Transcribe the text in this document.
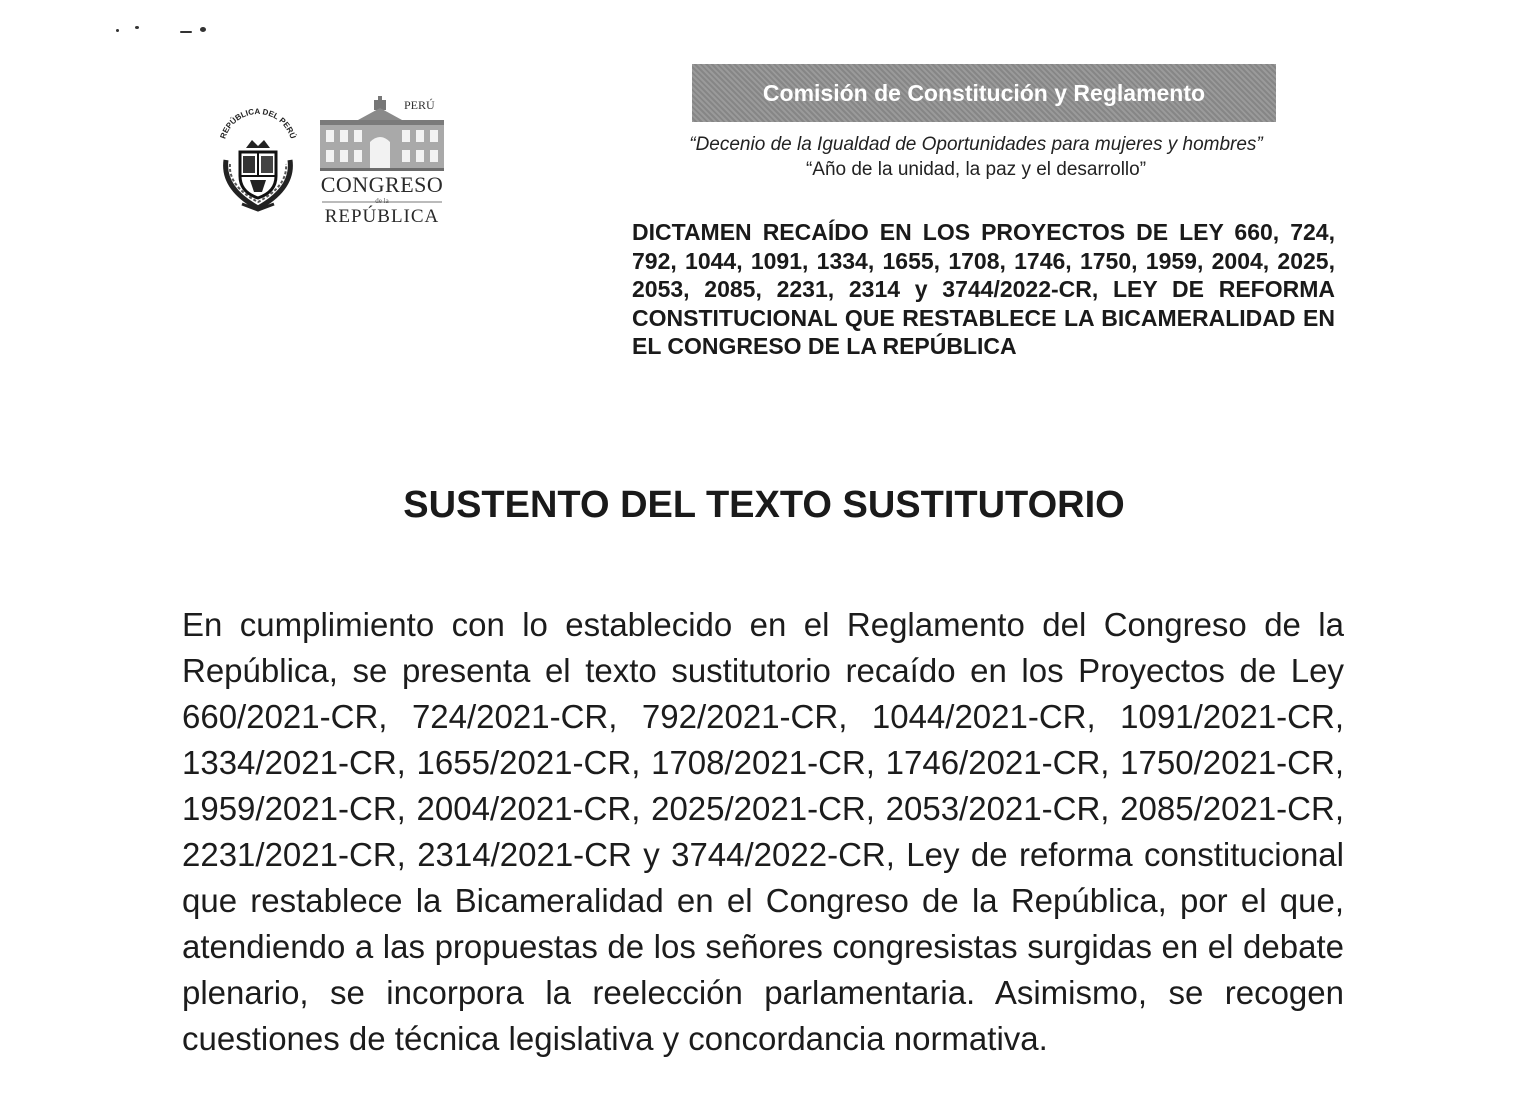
REPÚBLICA DEL PERÚ
PERÚ
CONGRESO
de la
REPÚBLICA
Comisión de Constitución y Reglamento
“Decenio de la Igualdad de Oportunidades para mujeres y hombres”
“Año de la unidad, la paz y el desarrollo”

DICTAMEN RECAÍDO EN LOS PROYECTOS DE LEY 660, 724, 792, 1044, 1091, 1334, 1655, 1708, 1746, 1750, 1959, 2004, 2025, 2053, 2085, 2231, 2314 y 3744/2022-CR, LEY DE REFORMA CONSTITUCIONAL QUE RESTABLECE LA BICAMERALIDAD EN EL CONGRESO DE LA REPÚBLICA

SUSTENTO DEL TEXTO SUSTITUTORIO

En cumplimiento con lo establecido en el Reglamento del Congreso de la República, se presenta el texto sustitutorio recaído en los Proyectos de Ley 660/2021-CR, 724/2021-CR, 792/2021-CR, 1044/2021-CR, 1091/2021-CR, 1334/2021-CR, 1655/2021-CR, 1708/2021-CR, 1746/2021-CR, 1750/2021-CR, 1959/2021-CR, 2004/2021-CR, 2025/2021-CR, 2053/2021-CR, 2085/2021-CR, 2231/2021-CR, 2314/2021-CR y 3744/2022-CR, Ley de reforma constitucional que restablece la Bicameralidad en el Congreso de la República, por el que, atendiendo a las propuestas de los señores congresistas surgidas en el debate plenario, se incorpora la reelección parlamentaria. Asimismo, se recogen cuestiones de técnica legislativa y concordancia normativa.
